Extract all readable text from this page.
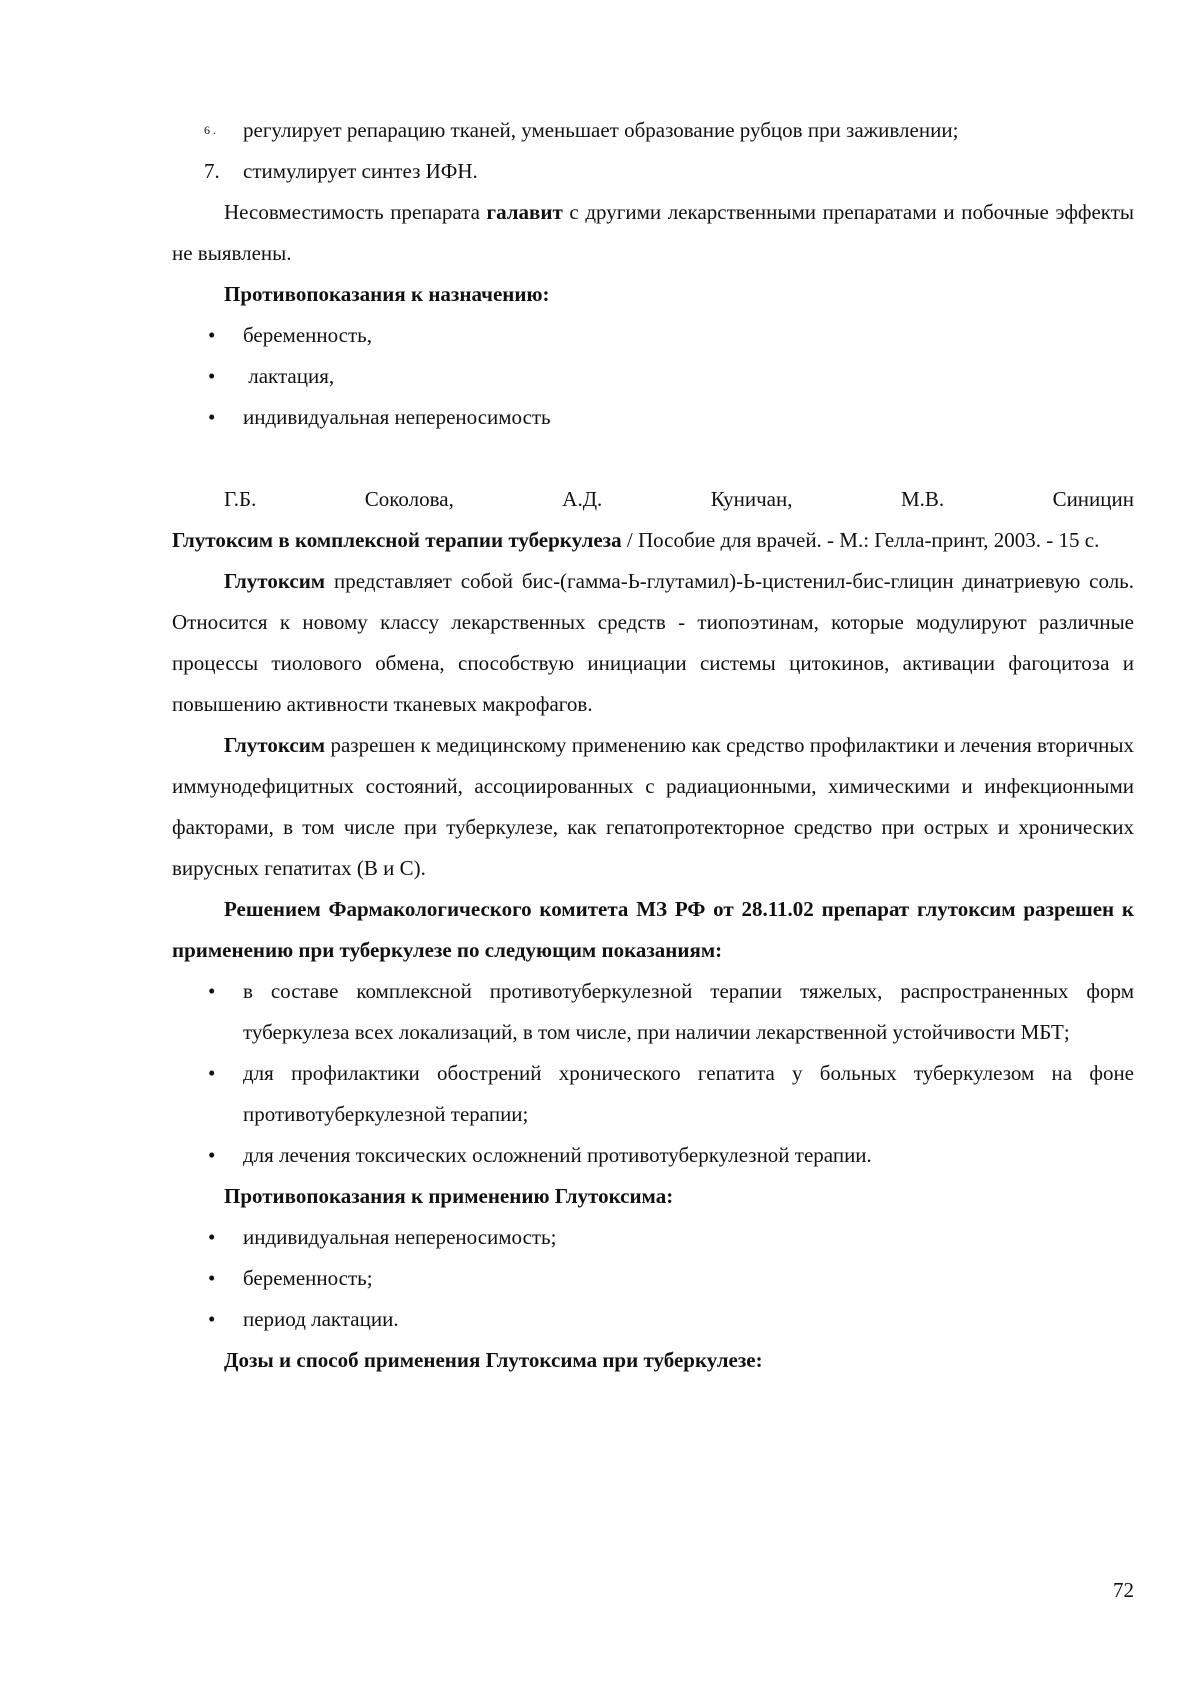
6 . регулирует репарацию тканей, уменьшает образование рубцов при заживлении;
7. стимулирует синтез ИФН.

Несовместимость препарата галавит с другими лекарственными препаратами и побочные эффекты не выявлены.

Противопоказания к назначению:

• беременность,
• лактация,
• индивидуальная непереносимость
Г.Б.	Соколова,	А.Д.	Куничан,	М.В.	Синицин

Глутоксим в комплексной терапии туберкулеза / Пособие для врачей. - М.: Гелла-принт, 2003. - 15 с.

Глутоксим представляет собой бис-(гамма-Ь-глутамил)-Ь-цистенил-бис-глицин динатриевую соль. Относится к новому классу лекарственных средств - тиопоэтинам, которые модулируют различные процессы тиолового обмена, способствую инициации системы цитокинов, активации фагоцитоза и повышению активности тканевых макрофагов.

Глутоксим разрешен к медицинскому применению как средство профилактики и лечения вторичных иммунодефицитных состояний, ассоциированных с радиационными, химическими и инфекционными факторами, в том числе при туберкулезе, как гепатопротекторное средство при острых и хронических вирусных гепатитах (В и С).

Решением Фармакологического комитета МЗ РФ от 28.11.02 препарат глутоксим разрешен к применению при туберкулезе по следующим показаниям:

• в составе комплексной противотуберкулезной терапии тяжелых, распространенных форм туберкулеза всех локализаций, в том числе, при наличии лекарственной устойчивости МБТ;
• для профилактики обострений хронического гепатита у больных туберкулезом на фоне противотуберкулезной терапии;
• для лечения токсических осложнений противотуберкулезной терапии.

Противопоказания к применению Глутоксима:

• индивидуальная непереносимость;
• беременность;
• период лактации.

Дозы и способ применения Глутоксима при туберкулезе:

72
